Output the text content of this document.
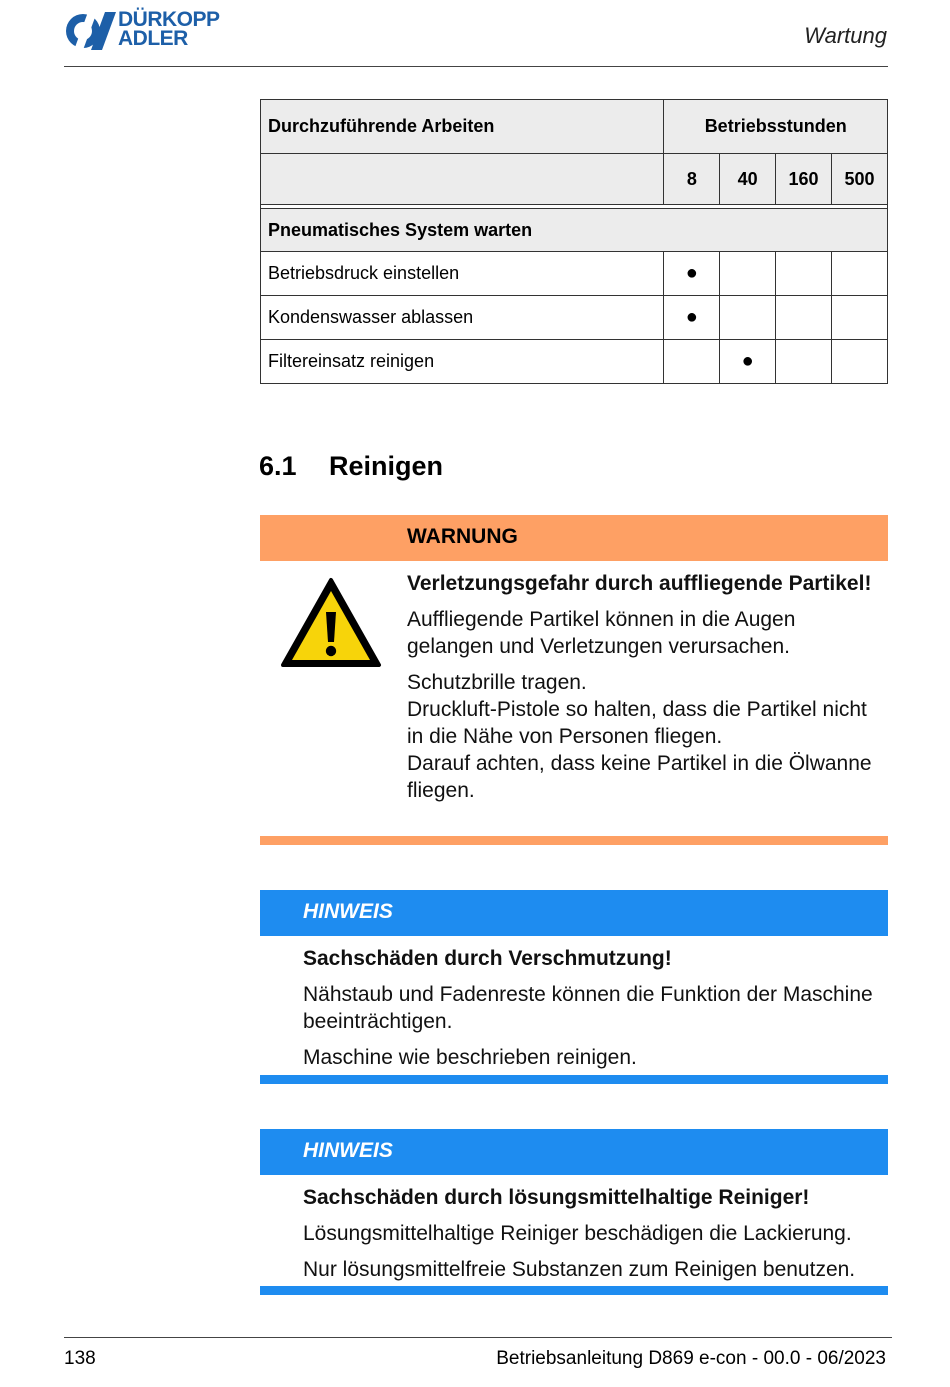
DÜRKOPP
ADLER	Wartung
Durchzuführende Arbeiten	Betriebsstunden			
	8	40	160	500

Pneumatisches System warten				
Betriebsdruck einstellen	●			
Kondenswasser ablassen	●			
Filtereinsatz reinigen		●		
6.1 Reinigen
WARNUNG

Verletzungsgefahr durch auffliegende Partikel!

Auffliegende Partikel können in die Augen gelangen und Verletzungen verursachen.

Schutzbrille tragen.
Druckluft-Pistole so halten, dass die Partikel nicht in die Nähe von Personen fliegen.
Darauf achten, dass keine Partikel in die Ölwanne fliegen.
HINWEIS

Sachschäden durch Verschmutzung!

Nähstaub und Fadenreste können die Funktion der Maschine beeinträchtigen.

Maschine wie beschrieben reinigen.

HINWEIS

Sachschäden durch lösungsmittelhaltige Reiniger!

Lösungsmittelhaltige Reiniger beschädigen die Lackierung.

Nur lösungsmittelfreie Substanzen zum Reinigen benutzen.

138	Betriebsanleitung D869 e-con - 00.0 - 06/2023
